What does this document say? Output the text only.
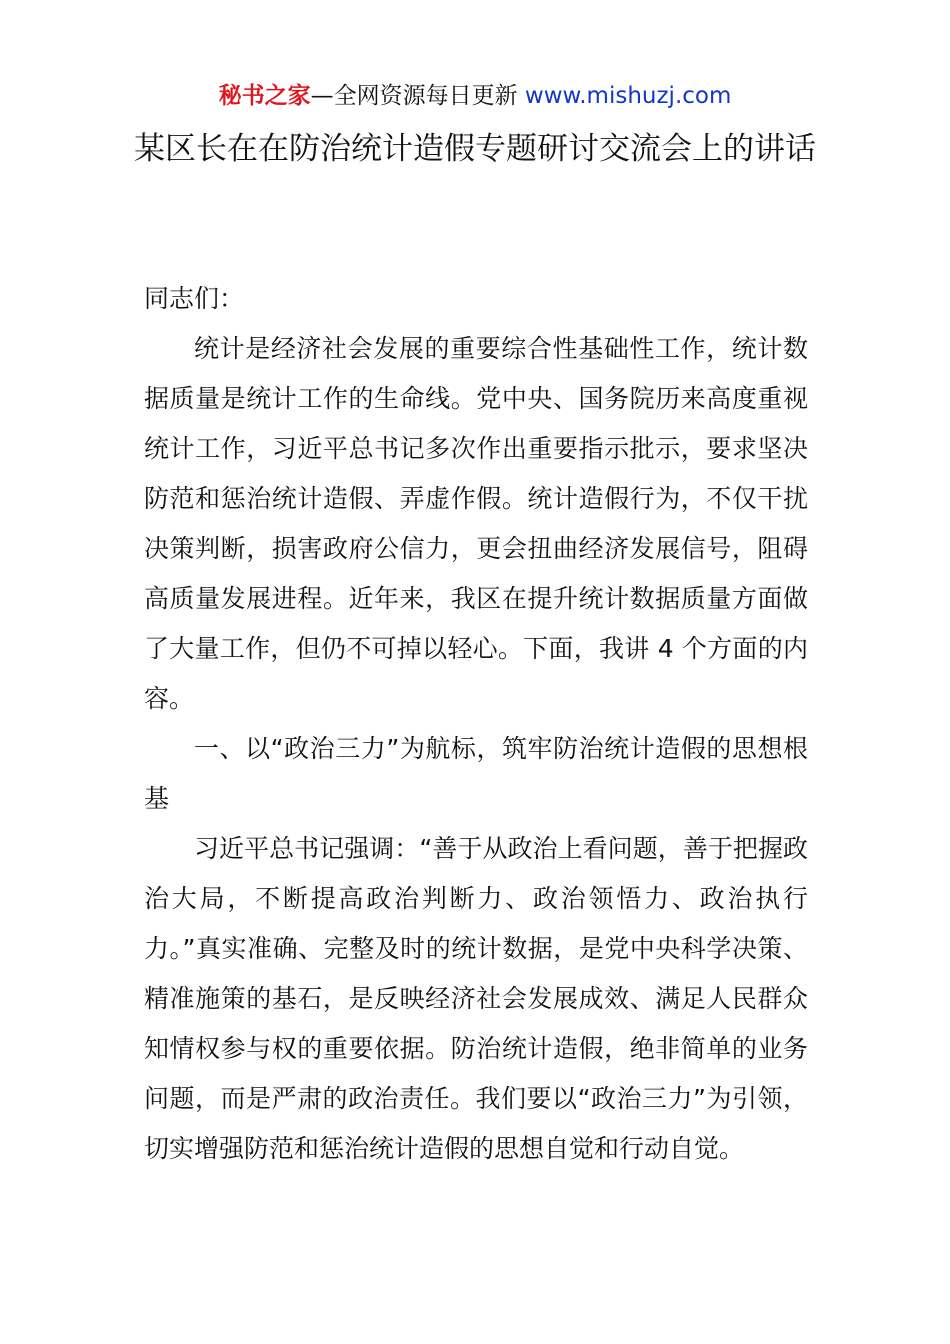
秘书之家—全网资源每日更新 www.mishuzj.com
某区长在在防治统计造假专题研讨交流会上的讲话

同志们：

统计是经济社会发展的重要综合性基础性工作，统计数据质量是统计工作的生命线。党中央、国务院历来高度重视统计工作，习近平总书记多次作出重要指示批示，要求坚决防范和惩治统计造假、弄虚作假。统计造假行为，不仅干扰决策判断，损害政府公信力，更会扭曲经济发展信号，阻碍高质量发展进程。近年来，我区在提升统计数据质量方面做了大量工作，但仍不可掉以轻心。下面，我讲 4 个方面的内容。

一、以“政治三力”为航标，筑牢防治统计造假的思想根基

习近平总书记强调：“善于从政治上看问题，善于把握政治大局，不断提高政治判断力、政治领悟力、政治执行力。”真实准确、完整及时的统计数据，是党中央科学决策、精准施策的基石，是反映经济社会发展成效、满足人民群众知情权参与权的重要依据。防治统计造假，绝非简单的业务问题，而是严肃的政治责任。我们要以“政治三力”为引领，切实增强防范和惩治统计造假的思想自觉和行动自觉。
